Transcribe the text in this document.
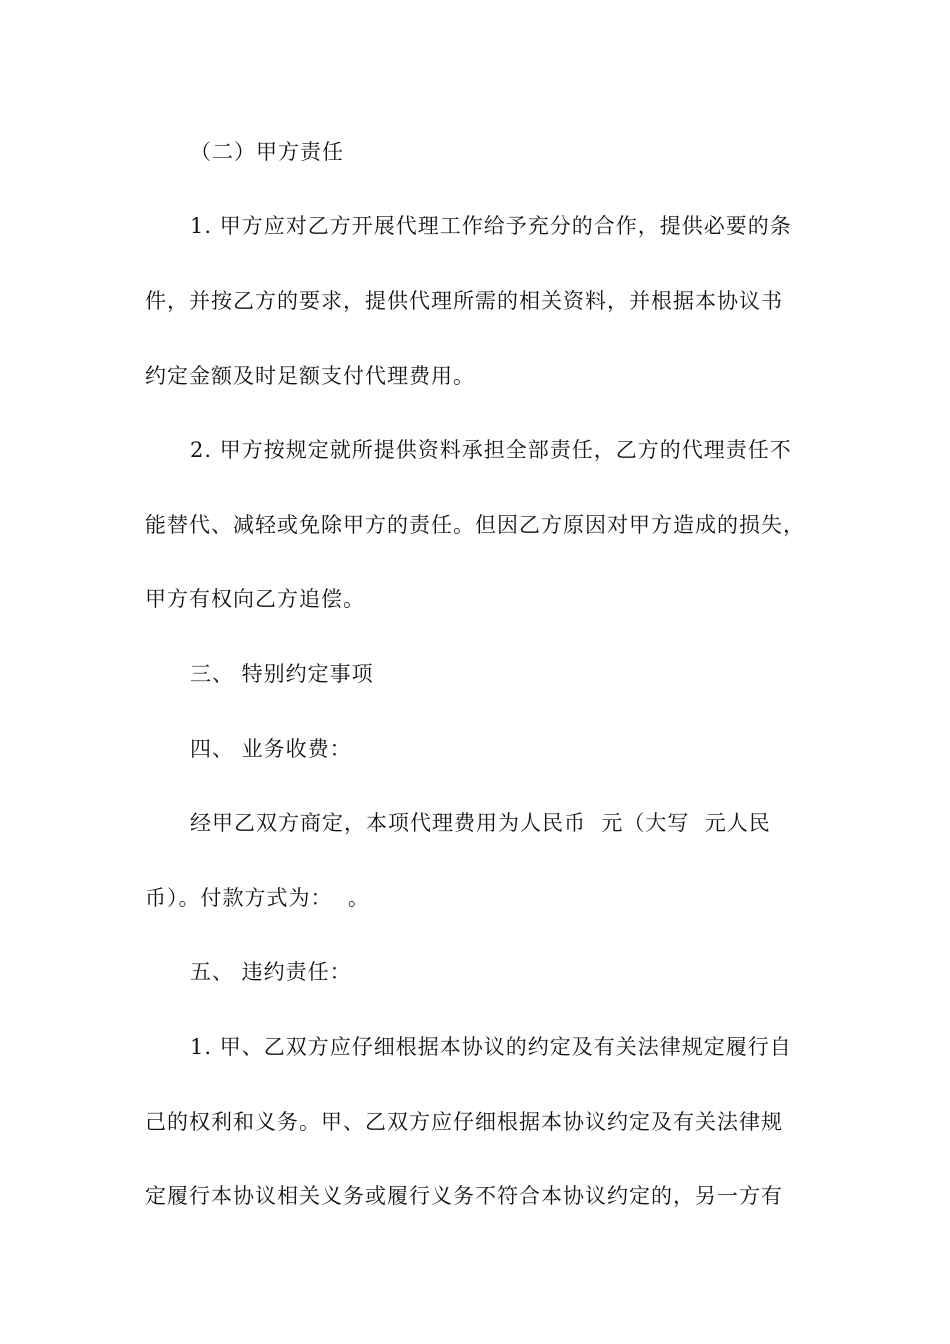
（二）甲方责任
1. 甲方应对乙方开展代理工作给予充分的合作，提供必要的条
件，并按乙方的要求，提供代理所需的相关资料，并根据本协议书
约定金额及时足额支付代理费用。
2. 甲方按规定就所提供资料承担全部责任，乙方的代理责任不
能替代、减轻或免除甲方的责任。但因乙方原因对甲方造成的损失，
甲方有权向乙方追偿。
三、 特别约定事项
四、 业务收费：
经甲乙双方商定，本项代理费用为人民币  元（大写  元人民
币）。付款方式为：  。
五、 违约责任：
1. 甲、乙双方应仔细根据本协议的约定及有关法律规定履行自
己的权利和义务。甲、乙双方应仔细根据本协议约定及有关法律规
定履行本协议相关义务或履行义务不符合本协议约定的，另一方有
